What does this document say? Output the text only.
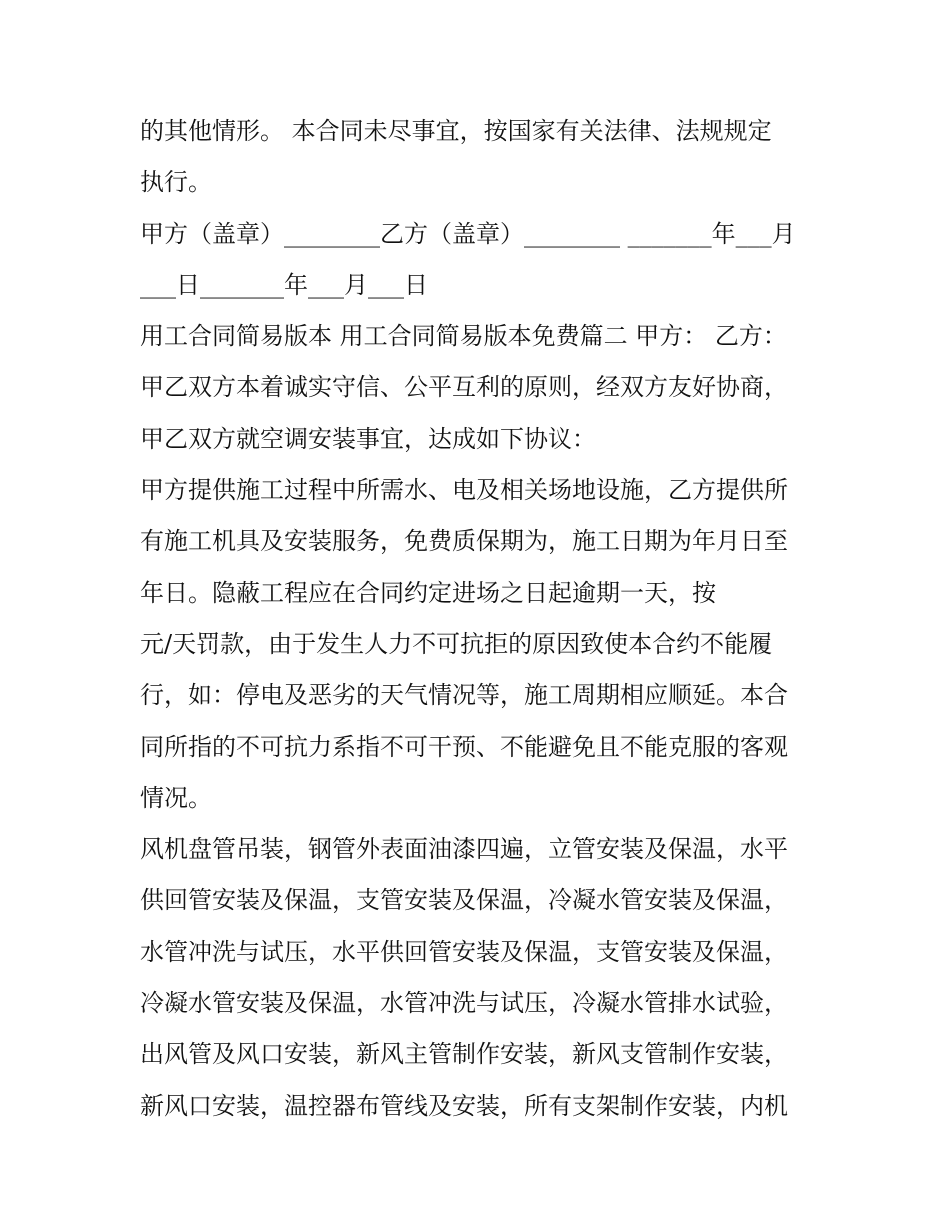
的其他情形。 本合同未尽事宜，按国家有关法律、法规规定
执行。
甲方（盖章）________乙方（盖章）________ _______年___月
___日_______年___月___日
用工合同简易版本 用工合同简易版本免费篇二 甲方： 乙方：
甲乙双方本着诚实守信、公平互利的原则，经双方友好协商，
甲乙双方就空调安装事宜，达成如下协议：
甲方提供施工过程中所需水、电及相关场地设施，乙方提供所
有施工机具及安装服务，免费质保期为，施工日期为年月日至
年日。隐蔽工程应在合同约定进场之日起逾期一天，按
元/天罚款，由于发生人力不可抗拒的原因致使本合约不能履
行，如：停电及恶劣的天气情况等，施工周期相应顺延。本合
同所指的不可抗力系指不可干预、不能避免且不能克服的客观
情况。
风机盘管吊装，钢管外表面油漆四遍，立管安装及保温，水平
供回管安装及保温，支管安装及保温，冷凝水管安装及保温，
水管冲洗与试压，水平供回管安装及保温，支管安装及保温，
冷凝水管安装及保温，水管冲洗与试压，冷凝水管排水试验，
出风管及风口安装，新风主管制作安装，新风支管制作安装，
新风口安装，温控器布管线及安装，所有支架制作安装，内机
